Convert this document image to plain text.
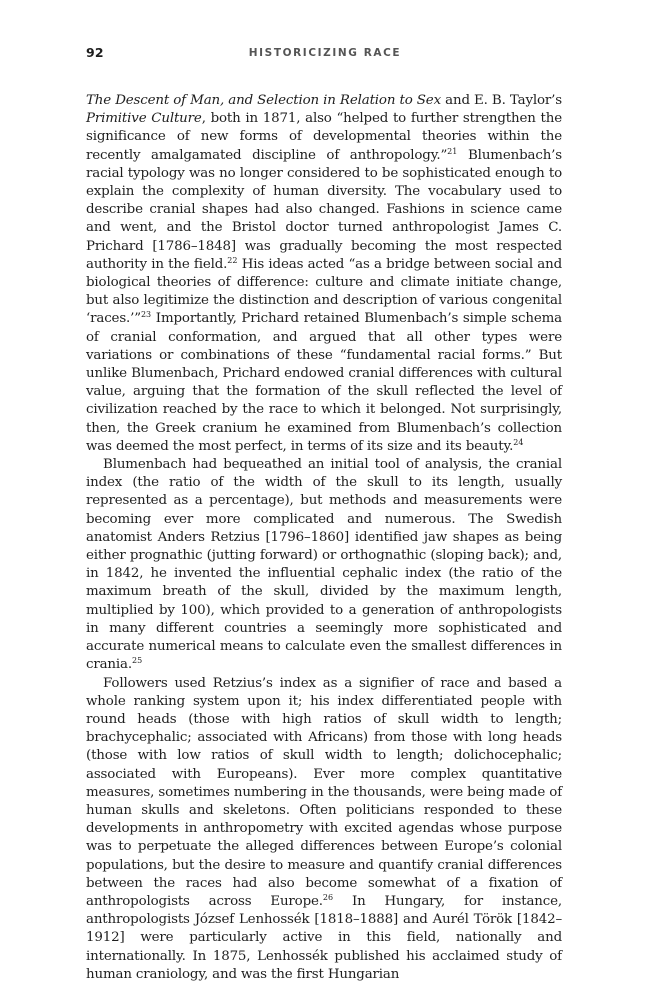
92	HISTORICIZING RACE

The Descent of Man, and Selection in Relation to Sex and E. B. Taylor’s Primitive Culture, both in 1871, also “helped to further strengthen the significance of new forms of developmental theories within the recently amalgamated discipline of anthropology.”$^{21}$ Blumenbach’s racial typology was no longer considered to be sophisticated enough to explain the complexity of human diversity. The vocabulary used to describe cranial shapes had also changed. Fashions in science came and went, and the Bristol doctor turned anthropologist James C. Prichard [1786–1848] was gradually becoming the most respected authority in the field.$^{22}$ His ideas acted “as a bridge between social and biological theories of difference: culture and climate initiate change, but also legitimize the distinction and description of various congenital ‘races.’”$^{23}$ Importantly, Prichard retained Blumenbach’s simple schema of cranial conformation, and argued that all other types were variations or combinations of these “fundamental racial forms.” But unlike Blumenbach, Prichard endowed cranial differences with cultural value, arguing that the formation of the skull reflected the level of civilization reached by the race to which it belonged. Not surprisingly, then, the Greek cranium he examined from Blumenbach’s collection was deemed the most perfect, in terms of its size and its beauty.$^{24}$

Blumenbach had bequeathed an initial tool of analysis, the cranial index (the ratio of the width of the skull to its length, usually represented as a percentage), but methods and measurements were becoming ever more complicated and numerous. The Swedish anatomist Anders Retzius [1796–1860] identified jaw shapes as being either prognathic (jutting forward) or orthognathic (sloping back); and, in 1842, he invented the influential cephalic index (the ratio of the maximum breath of the skull, divided by the maximum length, multiplied by 100), which provided to a generation of anthropologists in many different countries a seemingly more sophisticated and accurate numerical means to calculate even the smallest differences in crania.$^{25}$

Followers used Retzius’s index as a signifier of race and based a whole ranking system upon it; his index differentiated people with round heads (those with high ratios of skull width to length; brachycephalic; associated with Africans) from those with long heads (those with low ratios of skull width to length; dolichocephalic; associated with Europeans). Ever more complex quantitative measures, sometimes numbering in the thousands, were being made of human skulls and skeletons. Often politicians responded to these developments in anthropometry with excited agendas whose purpose was to perpetuate the alleged differences between Europe’s colonial populations, but the desire to measure and quantify cranial differences between the races had also become somewhat of a fixation of anthropologists across Europe.$^{26}$ In Hungary, for instance, anthropologists József Lenhossék [1818–1888] and Aurél Török [1842–1912] were particularly active in this field, nationally and internationally. In 1875, Lenhossék published his acclaimed study of human craniology, and was the first Hungarian
